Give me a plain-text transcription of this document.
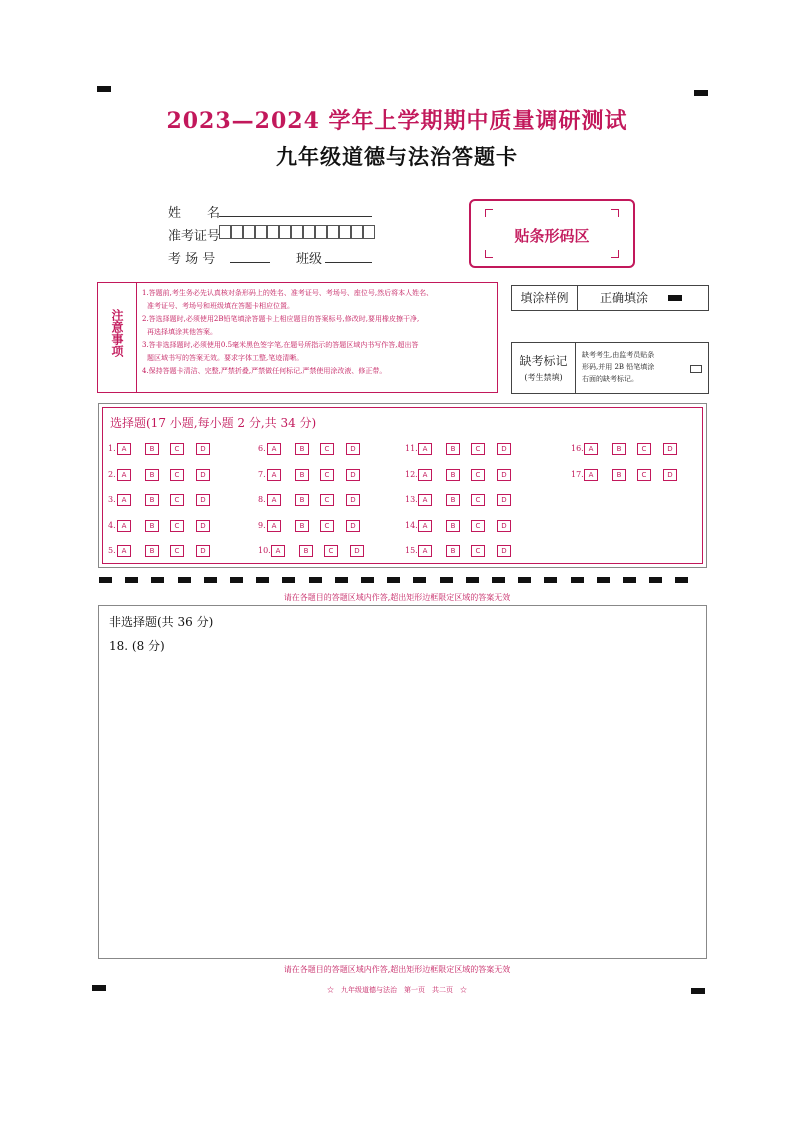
2023—2024 学年上学期期中质量调研测试
九年级道德与法治答题卡
姓　　名
准考证号
考 场 号	班级
贴条形码区
注意事项
1.答题前,考生务必先认真核对条形码上的姓名、准考证号、考场号、座位号,然后将本人姓名、
准考证号、考场号和班级填在答题卡相应位置。
2.答选择题时,必须使用2B铅笔填涂答题卡上相应题目的答案标号,修改时,要用橡皮擦干净,
再选择填涂其他答案。
3.答非选择题时,必须使用0.5毫米黑色签字笔,在题号所指示的答题区域内书写作答,超出答
题区域书写的答案无效。要求字体工整,笔迹清晰。
4.保持答题卡清洁、完整,严禁折叠,严禁做任何标记,严禁使用涂改液、修正带。
填涂样例	正确填涂
缺考标记
(考生禁填)
缺考考生,由监考员贴条
形码,并用 2B 铅笔填涂
右面的缺考标记。
选择题(17 小题,每小题 2 分,共 34 分)
1. A	B	C	D
2. A	B	C	D
3. A	B	C	D
4. A	B	C	D
5. A	B	C	D
6. A	B	C	D
7. A	B	C	D
8. A	B	C	D
9. A	B	C	D
10. A	B	C	D
11. A	B	C	D
12. A	B	C	D
13. A	B	C	D
14. A	B	C	D
15. A	B	C	D
16. A	B	C	D
17. A	B	C	D
请在各题目的答题区域内作答,超出矩形边框限定区域的答案无效
非选择题(共 36 分)
18. (8 分)
请在各题目的答题区域内作答,超出矩形边框限定区域的答案无效
☆　九年级道德与法治　第一页　共二页　☆
